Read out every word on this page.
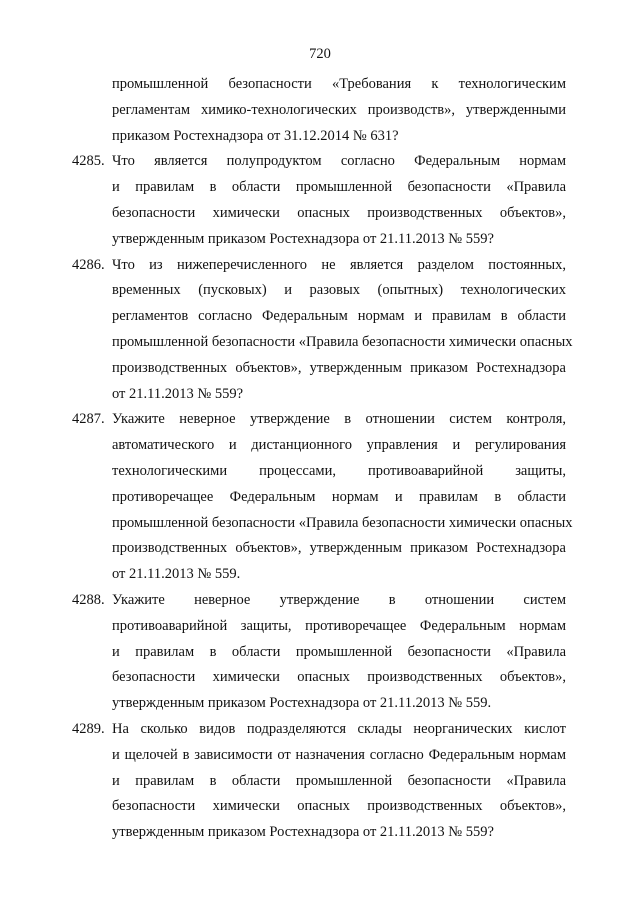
720
промышленной безопасности «Требования к технологическим
регламентам химико-технологических производств», утвержденными
приказом Ростехнадзора от 31.12.2014 № 631?
4285. Что является полупродуктом согласно Федеральным нормам
и правилам в области промышленной безопасности «Правила
безопасности химически опасных производственных объектов»,
утвержденным приказом Ростехнадзора от 21.11.2013 № 559?
4286. Что из нижеперечисленного не является разделом постоянных,
временных (пусковых) и разовых (опытных) технологических
регламентов согласно Федеральным нормам и правилам в области
промышленной безопасности «Правила безопасности химически опасных
производственных объектов», утвержденным приказом Ростехнадзора
от 21.11.2013 № 559?
4287. Укажите неверное утверждение в отношении систем контроля,
автоматического и дистанционного управления и регулирования
технологическими процессами, противоаварийной защиты,
противоречащее Федеральным нормам и правилам в области
промышленной безопасности «Правила безопасности химически опасных
производственных объектов», утвержденным приказом Ростехнадзора
от 21.11.2013 № 559.
4288. Укажите неверное утверждение в отношении систем
противоаварийной защиты, противоречащее Федеральным нормам
и правилам в области промышленной безопасности «Правила
безопасности химически опасных производственных объектов»,
утвержденным приказом Ростехнадзора от 21.11.2013 № 559.
4289. На сколько видов подразделяются склады неорганических кислот
и щелочей в зависимости от назначения согласно Федеральным нормам
и правилам в области промышленной безопасности «Правила
безопасности химически опасных производственных объектов»,
утвержденным приказом Ростехнадзора от 21.11.2013 № 559?
